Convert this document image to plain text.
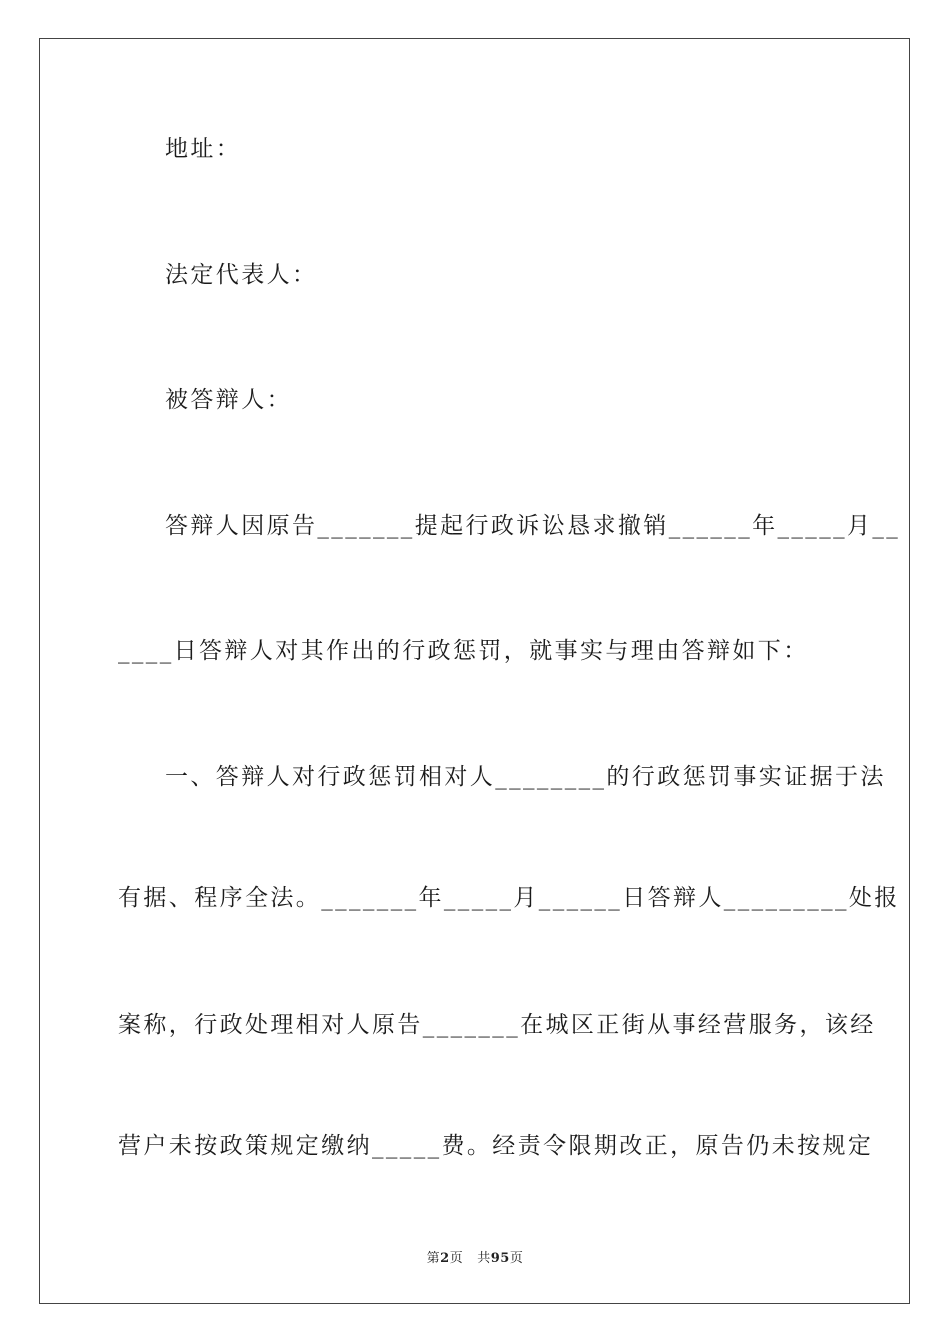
地址：
法定代表人：
被答辩人：
答辩人因原告_______提起行政诉讼恳求撤销______年_____月__
____日答辩人对其作出的行政惩罚，就事实与理由答辩如下：
一、答辩人对行政惩罚相对人________的行政惩罚事实证据于法
有据、程序全法。_______年_____月______日答辩人_________处报
案称，行政处理相对人原告_______在城区正街从事经营服务，该经
营户未按政策规定缴纳_____费。经责令限期改正，原告仍未按规定
第2页 共95页
